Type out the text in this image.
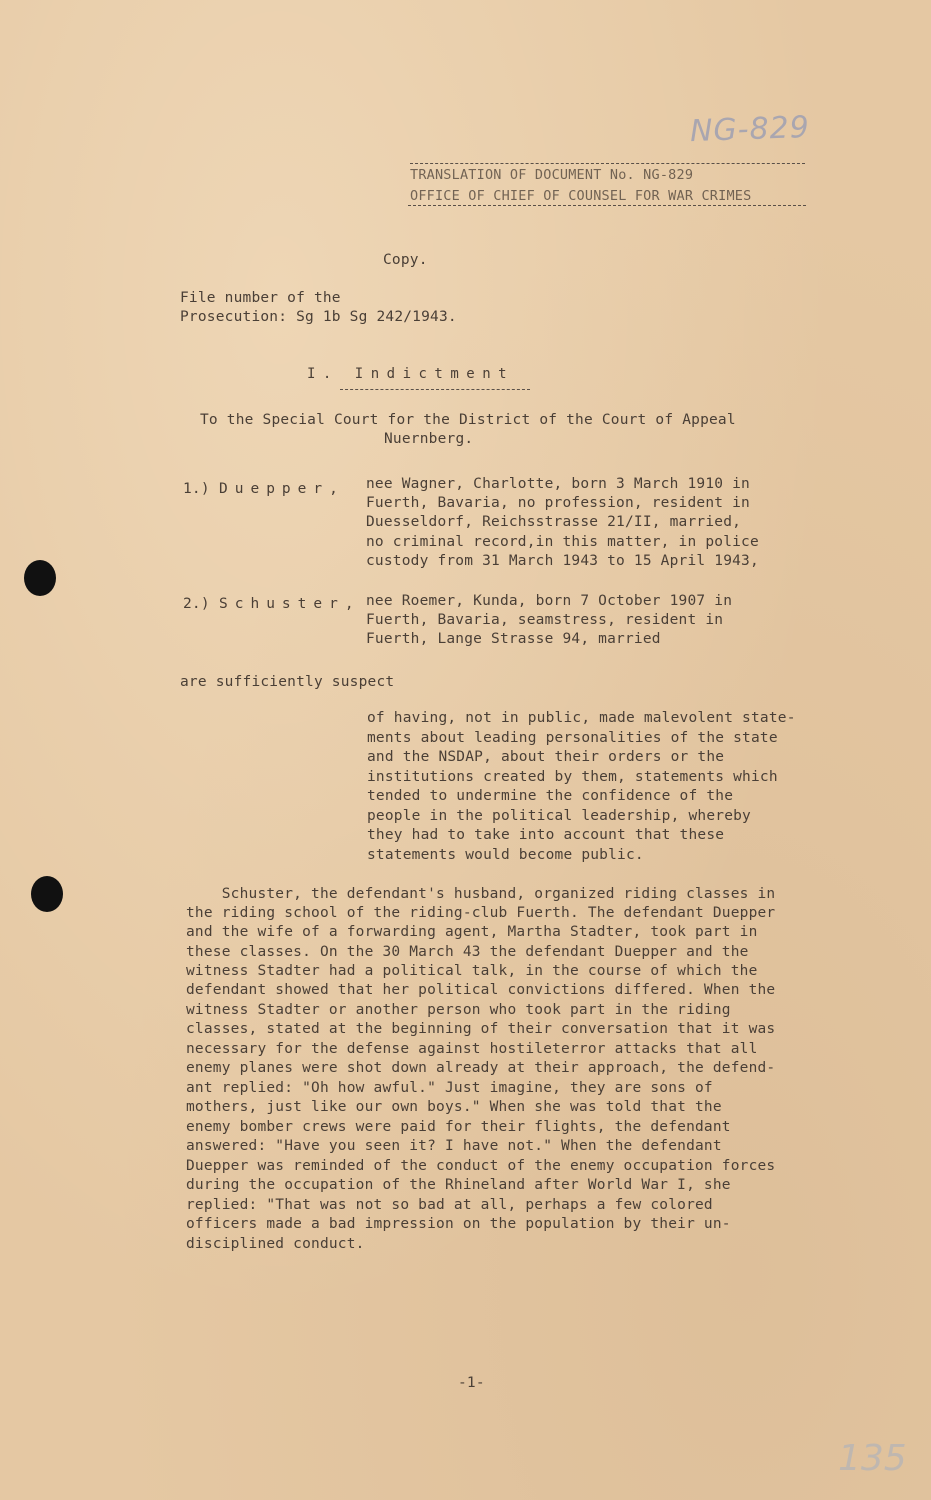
NG-829
TRANSLATION OF DOCUMENT No. NG-829
OFFICE OF CHIEF OF COUNSEL FOR WAR CRIMES
Copy.
File number of the
Prosecution: Sg 1b Sg 242/1943.
I. Indictment
To the Special Court for the District of the Court of Appeal
Nuernberg.
1.) Duepper, nee Wagner, Charlotte, born 3 March 1910 in
Fuerth, Bavaria, no profession, resident in
Duesseldorf, Reichsstrasse 21/II, married,
no criminal record,in this matter, in police
custody from 31 March 1943 to 15 April 1943,
2.) Schuster, nee Roemer, Kunda, born 7 October 1907 in
Fuerth, Bavaria, seamstress, resident in
Fuerth, Lange Strasse 94, married
are sufficiently suspect
of having, not in public, made malevolent state-
ments about leading personalities of the state
and the NSDAP, about their orders or the
institutions created by them, statements which
tended to undermine the confidence of the
people in the political leadership, whereby
they had to take into account that these
statements would become public.
Schuster, the defendant's husband, organized riding classes in
the riding school of the riding-club Fuerth. The defendant Duepper
and the wife of a forwarding agent, Martha Stadter, took part in
these classes. On the 30 March 43 the defendant Duepper and the
witness Stadter had a political talk, in the course of which the
defendant showed that her political convictions differed. When the
witness Stadter or another person who took part in the riding
classes, stated at the beginning of their conversation that it was
necessary for the defense against hostileterror attacks that all
enemy planes were shot down already at their approach, the defend-
ant replied: "Oh how awful." Just imagine, they are sons of
mothers, just like our own boys." When she was told that the
enemy bomber crews were paid for their flights, the defendant
answered: "Have you seen it? I have not." When the defendant
Duepper was reminded of the conduct of the enemy occupation forces
during the occupation of the Rhineland after World War I, she
replied: "That was not so bad at all, perhaps a few colored
officers made a bad impression on the population by their un-
disciplined conduct.
-1-
135
